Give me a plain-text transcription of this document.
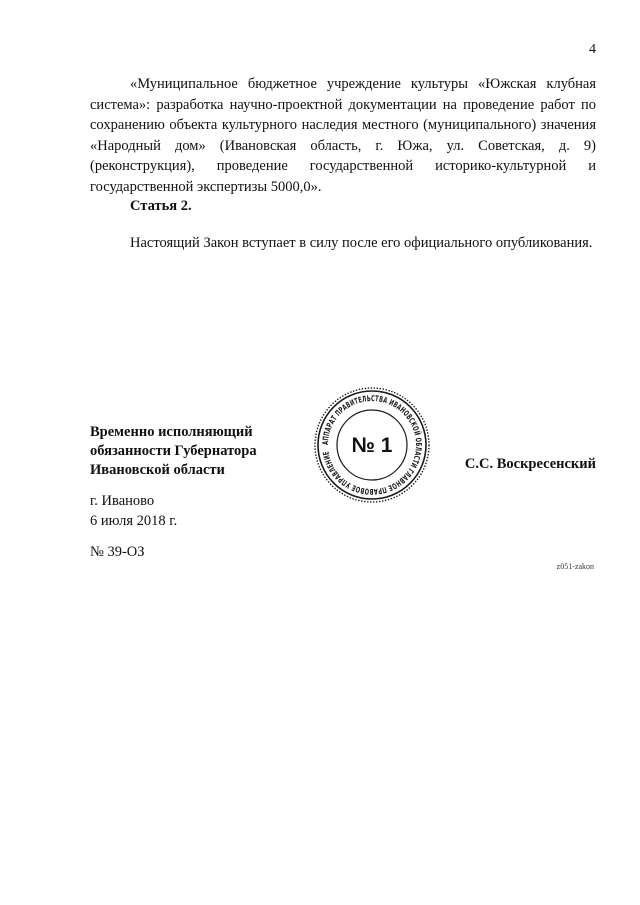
4

«Муниципальное бюджетное учреждение культуры «Южская клубная система»: разработка научно-проектной документации на проведение работ по сохранению объекта культурного наследия местного (муниципального) значения «Народный дом» (Ивановская область, г. Южа, ул. Советская, д. 9) (реконструкция), проведение государственной историко-культурной и государственной экспертизы 5000,0».

Статья 2.

Настоящий Закон вступает в силу после его официального опубликования.

Временно исполняющий
обязанности Губернатора
Ивановской области
АППАРАТ ПРАВИТЕЛЬСТВА ИВАНОВСКОЙ ОБЛАСТИ ГЛАВНОЕ ПРАВОВОЕ УПРАВЛЕНИЕ № 1
С.С. Воскресенский
г. Иваново
6 июля 2018 г.
№ 39-ОЗ
z051-zakon
